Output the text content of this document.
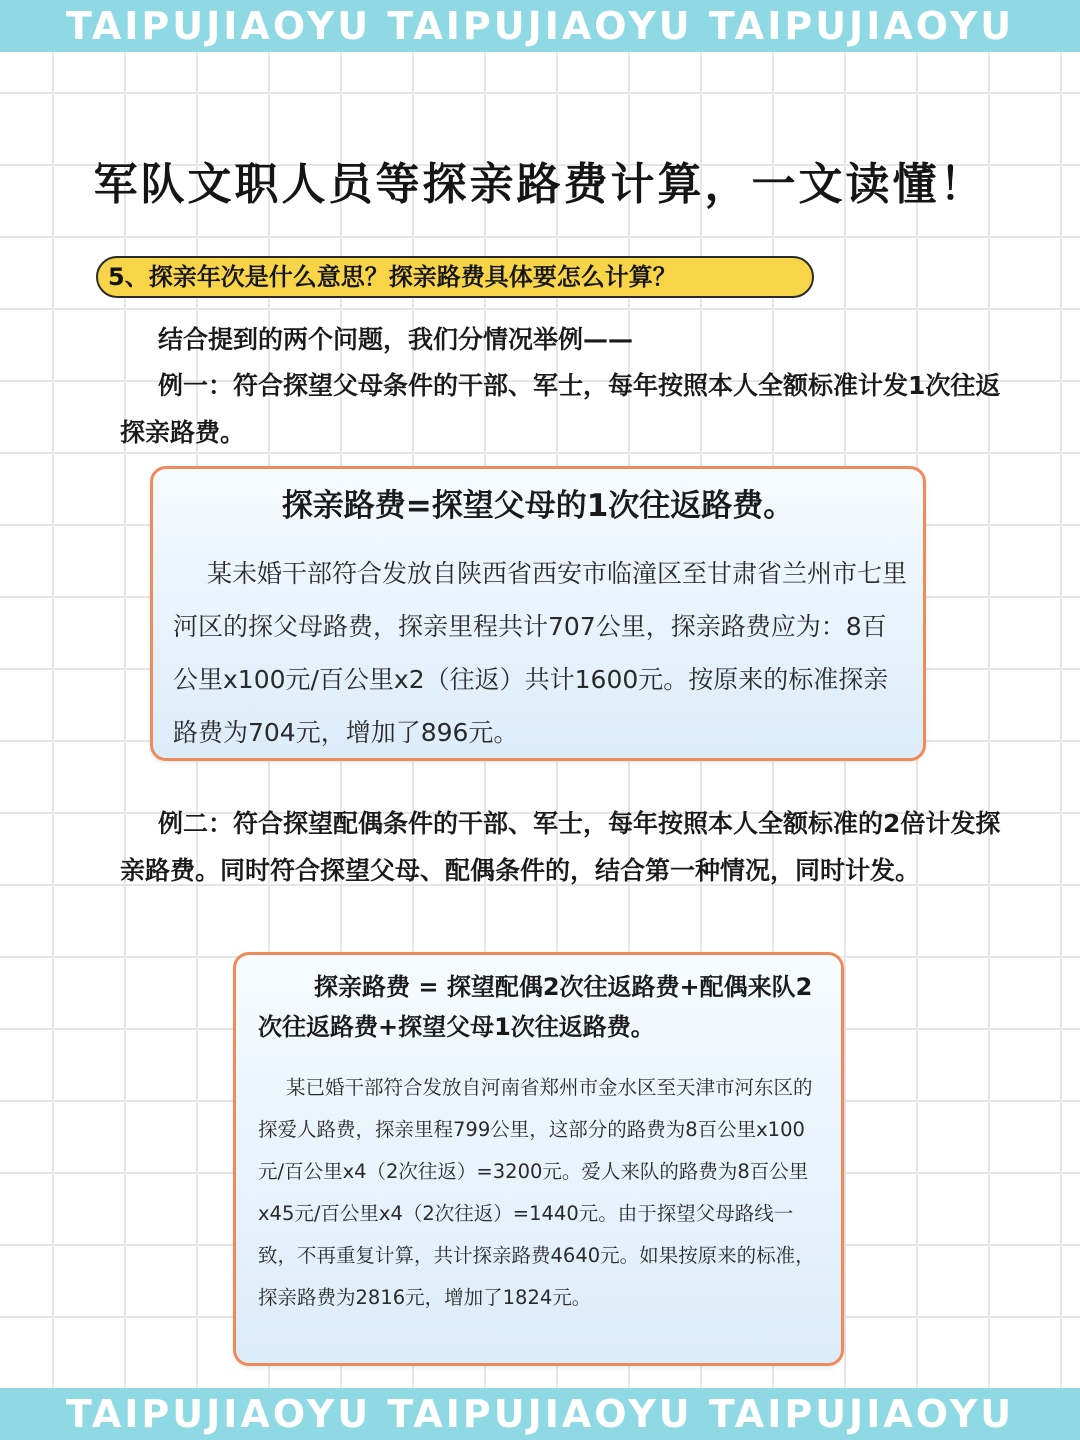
TAIPUJIAOYU TAIPUJIAOYU TAIPUJIAOYU
军队文职人员等探亲路费计算，一文读懂！
5、探亲年次是什么意思？探亲路费具体要怎么计算？
结合提到的两个问题，我们分情况举例——
例一：符合探望父母条件的干部、军士，每年按照本人全额标准计发1次往返探亲路费。
探亲路费=探望父母的1次往返路费。
某未婚干部符合发放自陕西省西安市临潼区至甘肃省兰州市七里河区的探父母路费，探亲里程共计707公里，探亲路费应为：8百公里x100元/百公里x2（往返）共计1600元。按原来的标准探亲路费为704元，增加了896元。
例二：符合探望配偶条件的干部、军士，每年按照本人全额标准的2倍计发探亲路费。同时符合探望父母、配偶条件的，结合第一种情况，同时计发。
探亲路费 = 探望配偶2次往返路费+配偶来队2次往返路费+探望父母1次往返路费。
某已婚干部符合发放自河南省郑州市金水区至天津市河东区的探爱人路费，探亲里程799公里，这部分的路费为8百公里x100元/百公里x4（2次往返）=3200元。爱人来队的路费为8百公里x45元/百公里x4（2次往返）=1440元。由于探望父母路线一致，不再重复计算，共计探亲路费4640元。如果按原来的标准，探亲路费为2816元，增加了1824元。
TAIPUJIAOYU TAIPUJIAOYU TAIPUJIAOYU
